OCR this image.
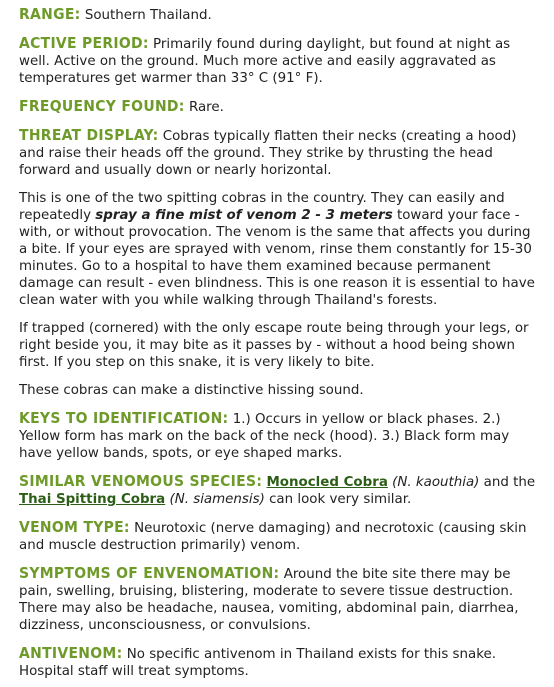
RANGE: Southern Thailand.

ACTIVE PERIOD: Primarily found during daylight, but found at night as well. Active on the ground. Much more active and easily aggravated as temperatures get warmer than 33° C (91° F).

FREQUENCY FOUND: Rare.

THREAT DISPLAY: Cobras typically flatten their necks (creating a hood) and raise their heads off the ground. They strike by thrusting the head forward and usually down or nearly horizontal.

This is one of the two spitting cobras in the country. They can easily and repeatedly spray a fine mist of venom 2 - 3 meters toward your face - with, or without provocation. The venom is the same that affects you during a bite. If your eyes are sprayed with venom, rinse them constantly for 15-30 minutes. Go to a hospital to have them examined because permanent damage can result - even blindness. This is one reason it is essential to have clean water with you while walking through Thailand's forests.

If trapped (cornered) with the only escape route being through your legs, or right beside you, it may bite as it passes by - without a hood being shown first. If you step on this snake, it is very likely to bite.

These cobras can make a distinctive hissing sound.

KEYS TO IDENTIFICATION: 1.) Occurs in yellow or black phases. 2.) Yellow form has mark on the back of the neck (hood). 3.) Black form may have yellow bands, spots, or eye shaped marks.

SIMILAR VENOMOUS SPECIES: Monocled Cobra (N. kaouthia) and the Thai Spitting Cobra (N. siamensis) can look very similar.

VENOM TYPE: Neurotoxic (nerve damaging) and necrotoxic (causing skin and muscle destruction primarily) venom.

SYMPTOMS OF ENVENOMATION: Around the bite site there may be pain, swelling, bruising, blistering, moderate to severe tissue destruction. There may also be headache, nausea, vomiting, abdominal pain, diarrhea, dizziness, unconsciousness, or convulsions.

ANTIVENOM: No specific antivenom in Thailand exists for this snake. Hospital staff will treat symptoms.
